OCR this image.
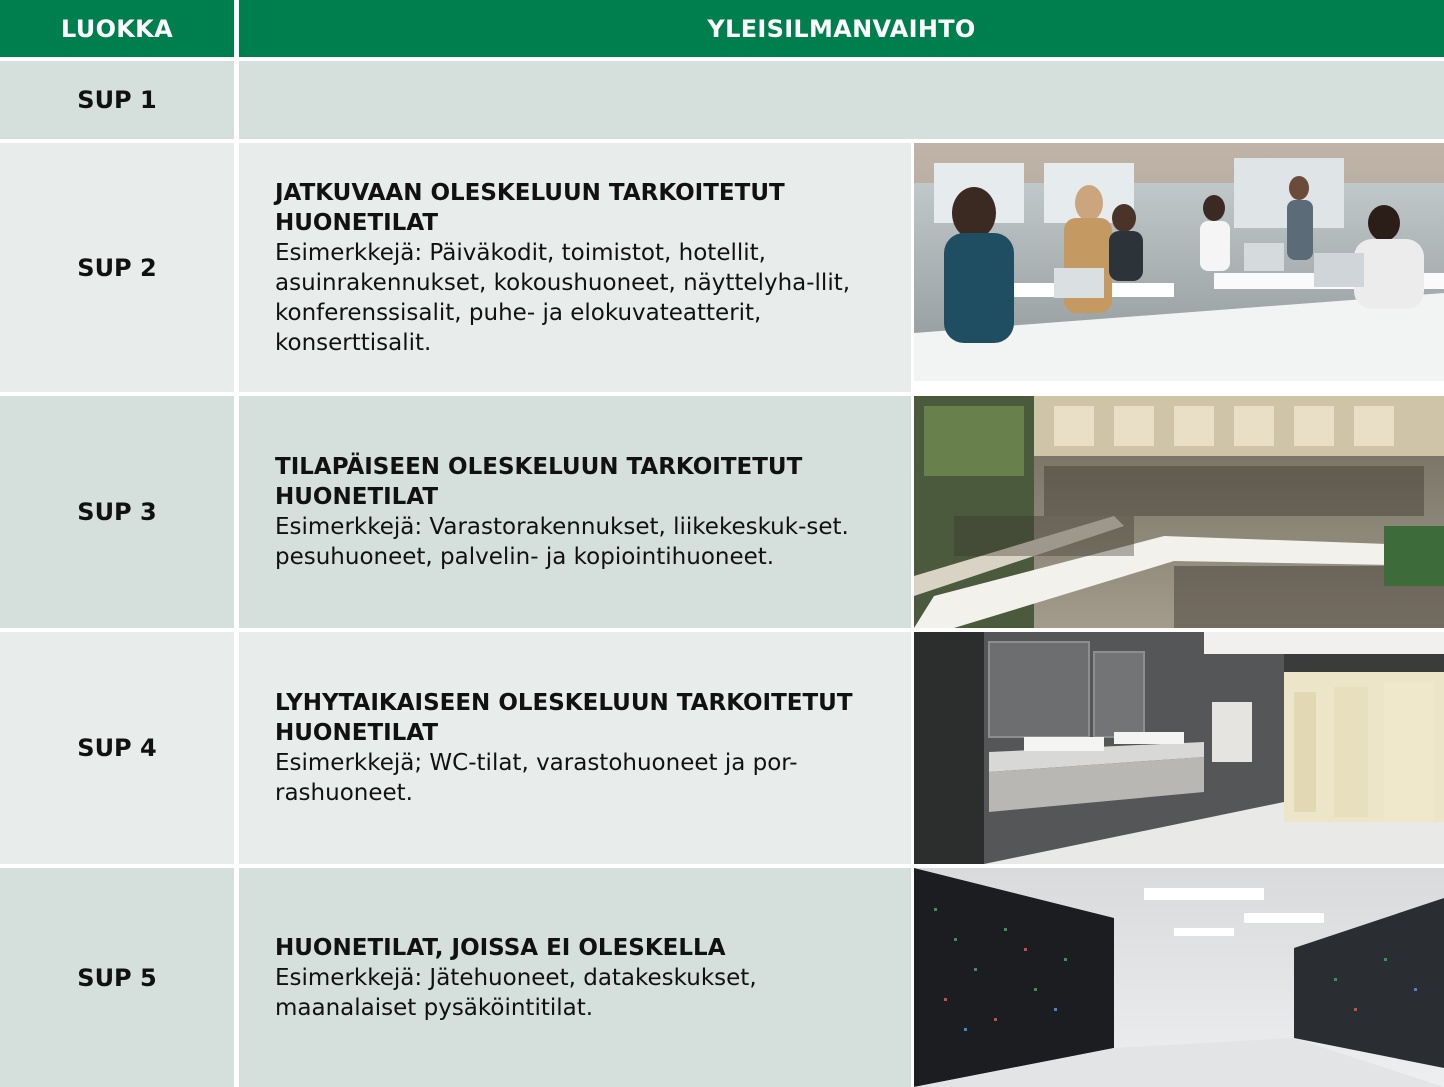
LUOKKA	YLEISILMANVAIHTO
SUP 1
SUP 2
JATKUVAAN OLESKELUUN TARKOITETUT HUONETILAT
Esimerkkejä: Päiväkodit, toimistot, hotellit, asuinrakennukset, kokoushuoneet, näyttelyha-llit, konferenssisalit, puhe- ja elokuvateatterit, konserttisalit.
SUP 3
TILAPÄISEEN OLESKELUUN TARKOITETUT HUONETILAT
Esimerkkejä: Varastorakennukset, liikekeskuk-set. pesuhuoneet, palvelin- ja kopiointihuoneet.
SUP 4
LYHYTAIKAISEEN OLESKELUUN TARKOITETUT HUONETILAT
Esimerkkejä; WC-tilat, varastohuoneet ja por-rashuoneet.
SUP 5
HUONETILAT, JOISSA EI OLESKELLA
Esimerkkejä: Jätehuoneet, datakeskukset, maanalaiset pysäköintitilat.
